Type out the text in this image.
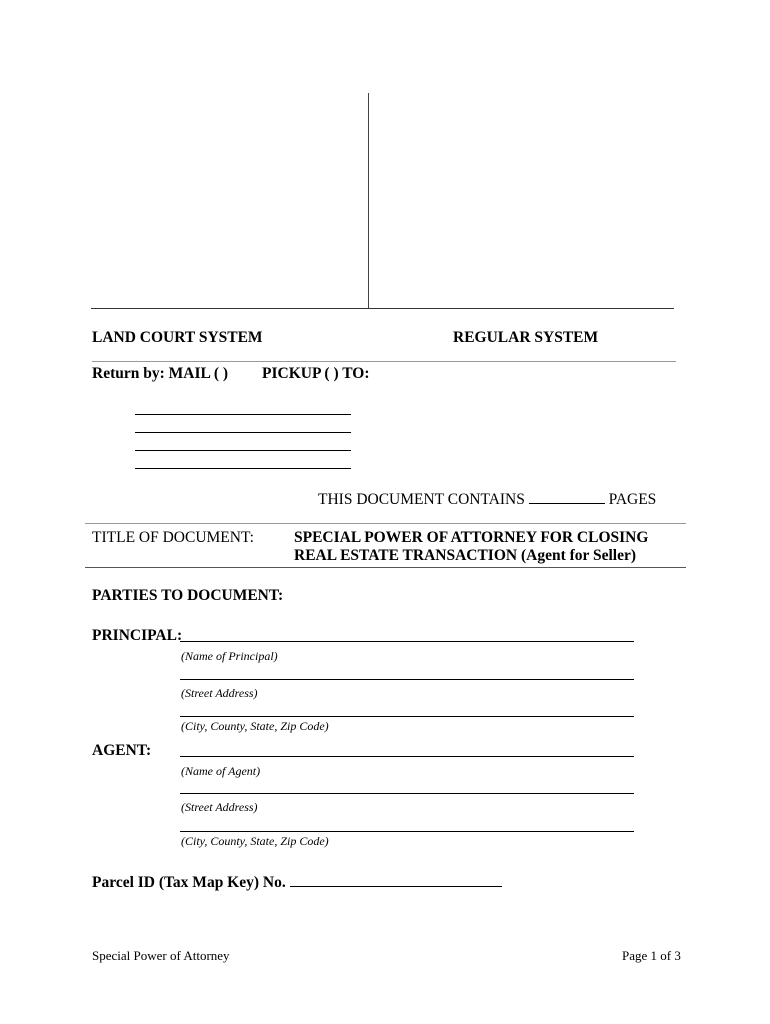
LAND COURT SYSTEM	REGULAR SYSTEM
Return by: MAIL ( ) PICKUP ( ) TO:
THIS DOCUMENT CONTAINS	PAGES
TITLE OF DOCUMENT:	SPECIAL POWER OF ATTORNEY FOR CLOSING
REAL ESTATE TRANSACTION (Agent for Seller)
PARTIES TO DOCUMENT:
PRINCIPAL:
(Name of Principal)
(Street Address)
(City, County, State, Zip Code)
AGENT:
(Name of Agent)
(Street Address)
(City, County, State, Zip Code)
Parcel ID (Tax Map Key) No.
Special Power of Attorney	Page 1 of 3
